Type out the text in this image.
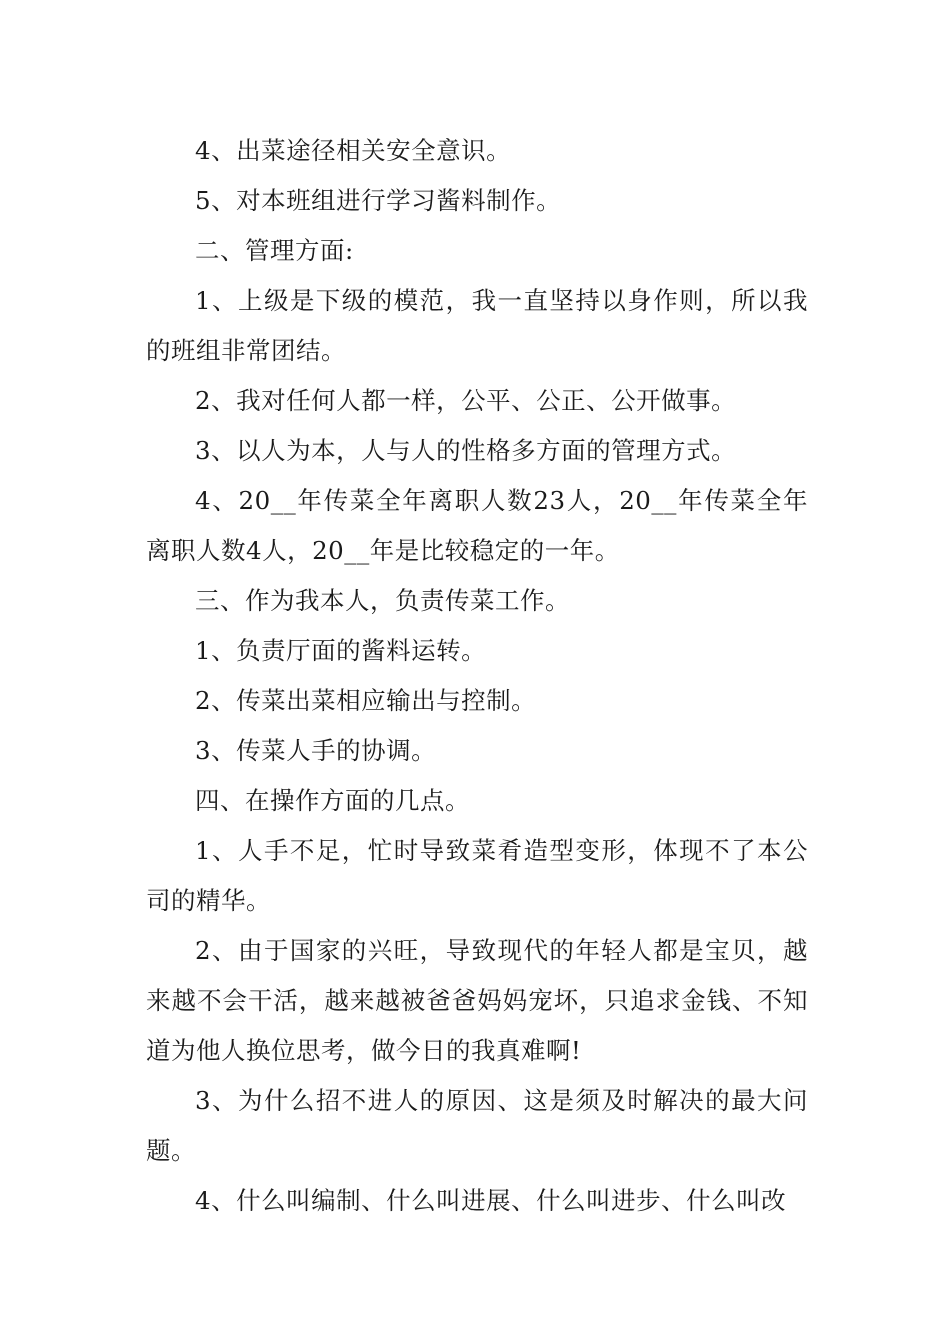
4、出菜途径相关安全意识。

5、对本班组进行学习酱料制作。

二、管理方面:

1、上级是下级的模范，我一直坚持以身作则，所以我的班组非常团结。

2、我对任何人都一样，公平、公正、公开做事。

3、以人为本，人与人的性格多方面的管理方式。

4、20__年传菜全年离职人数23人，20__年传菜全年离职人数4人，20__年是比较稳定的一年。

三、作为我本人，负责传菜工作。

1、负责厅面的酱料运转。

2、传菜出菜相应输出与控制。

3、传菜人手的协调。

四、在操作方面的几点。

1、人手不足，忙时导致菜肴造型变形，体现不了本公司的精华。

2、由于国家的兴旺，导致现代的年轻人都是宝贝，越来越不会干活，越来越被爸爸妈妈宠坏，只追求金钱、不知道为他人换位思考，做今日的我真难啊!

3、为什么招不进人的原因、这是须及时解决的最大问题。

4、什么叫编制、什么叫进展、什么叫进步、什么叫改
